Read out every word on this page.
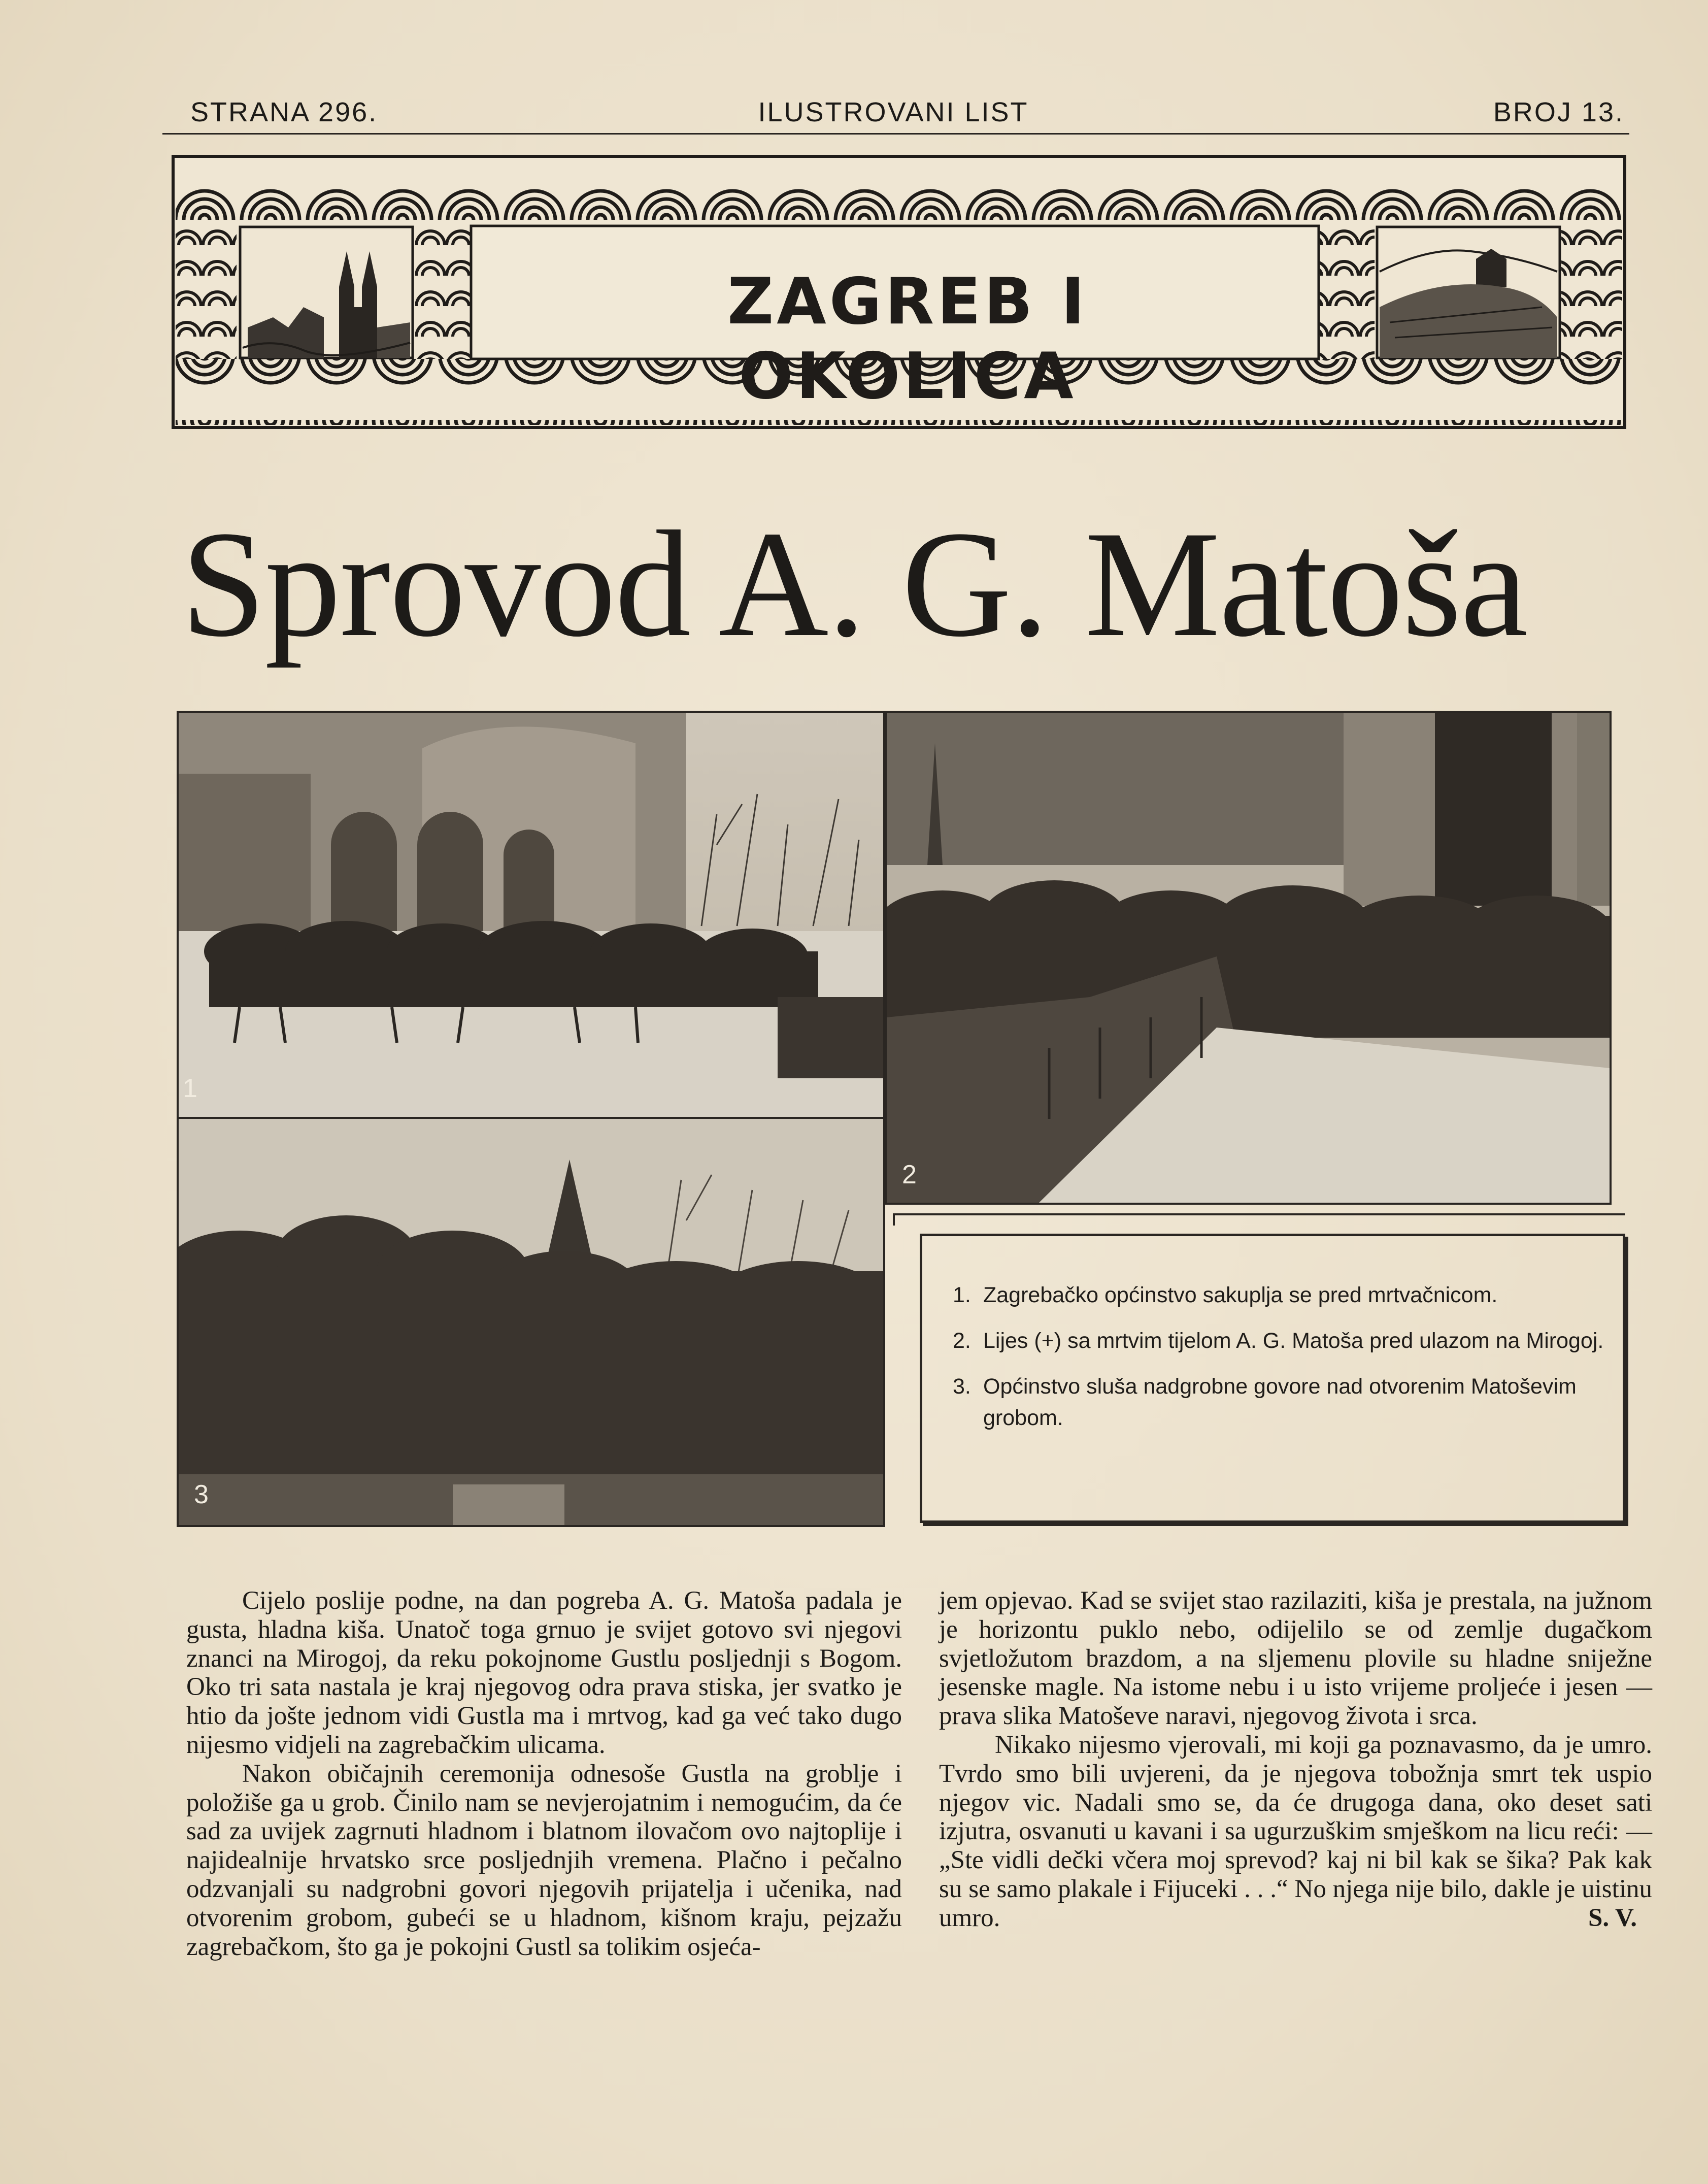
STRANA 296.	ILUSTROVANI LIST	BROJ 13.
ZAGREB I OKOLICA
Sprovod A. G. Matoša
1
2
3
1. Zagrebačko općinstvo sakuplja se pred mrtvačnicom.
2. Lijes (+) sa mrtvim tijelom A. G. Matoša pred ulazom na Mirogoj.
3. Općinstvo sluša nadgrobne govore nad otvorenim Matoševim grobom.

Cijelo poslije podne, na dan pogreba A. G. Matoša padala je gusta, hladna kiša. Unatoč toga grnuo je svijet gotovo svi njegovi znanci na Mirogoj, da reku pokojnome Gustlu posljednji s Bogom. Oko tri sata nastala je kraj njegovog odra prava stiska, jer svatko je htio da jošte jednom vidi Gustla ma i mrtvog, kad ga već tako dugo nijesmo vidjeli na zagrebačkim ulicama.

Nakon običajnih ceremonija odnesoše Gustla na groblje i položiše ga u grob. Činilo nam se nevjerojatnim i nemogućim, da će sad za uvijek zagrnuti hladnom i blatnom ilovačom ovo najtoplije i najidealnije hrvatsko srce posljednjih vremena. Plačno i pečalno odzvanjali su nadgrobni govori njegovih prijatelja i učenika, nad otvorenim grobom, gubeći se u hladnom, kišnom kraju, pejzažu zagrebačkom, što ga je pokojni Gustl sa tolikim osjeća-

jem opjevao. Kad se svijet stao razilaziti, kiša je prestala, na južnom je horizontu puklo nebo, odijelilo se od zemlje dugačkom svjetložutom brazdom, a na sljemenu plovile su hladne sniježne jesenske magle. Na istome nebu i u isto vrijeme proljeće i jesen — prava slika Matoševe naravi, njegovog života i srca.

Nikako nijesmo vjerovali, mi koji ga poznavasmo, da je umro. Tvrdo smo bili uvjereni, da je njegova tobožnja smrt tek uspio njegov vic. Nadali smo se, da će drugoga dana, oko deset sati izjutra, osvanuti u kavani i sa ugurzuškim smješkom na licu reći: — „Ste vidli dečki včera moj sprevod? kaj ni bil kak se šika? Pak kak su se samo plakale i Fijuceki . . .“ No njega nije bilo, dakle je uistinu umro.	S. V.
